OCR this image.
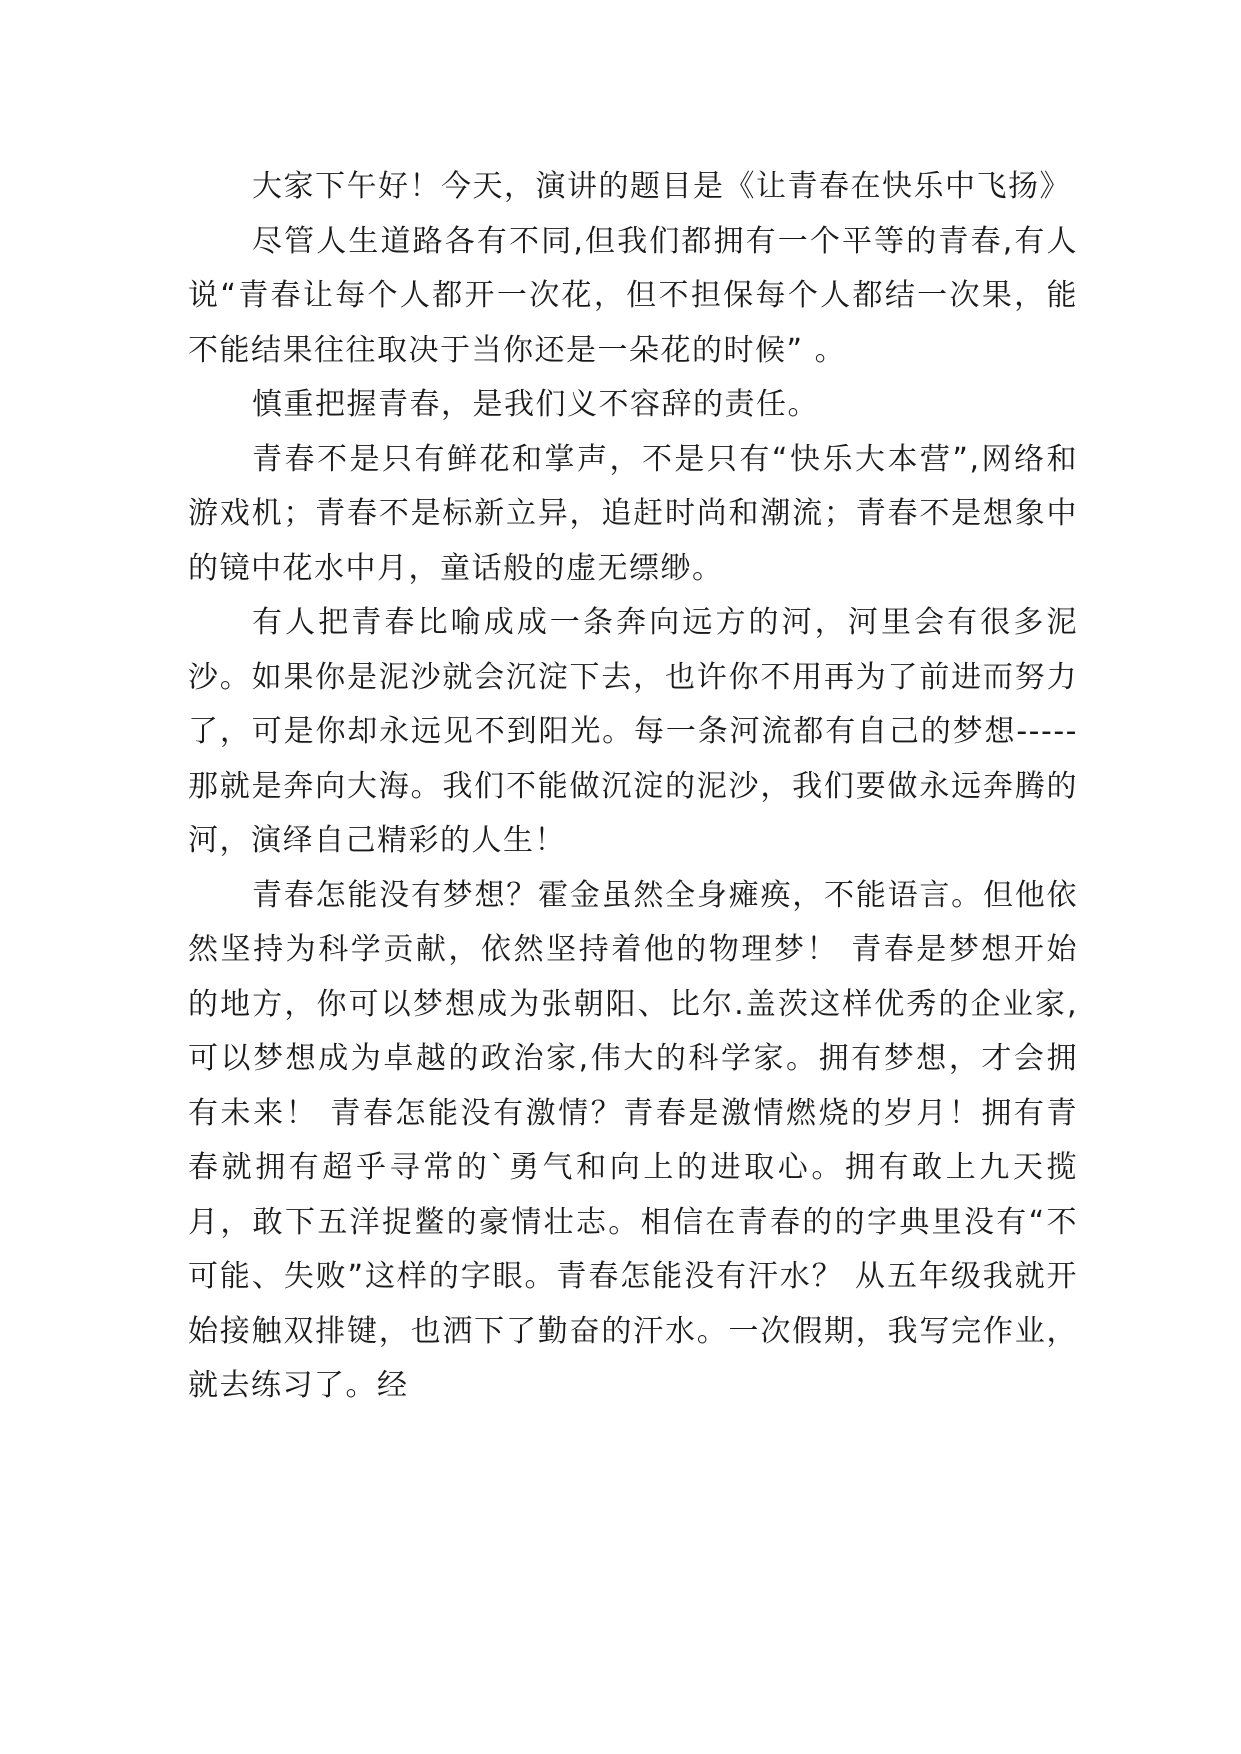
大家下午好！今天，演讲的题目是《让青春在快乐中飞扬》

尽管人生道路各有不同,但我们都拥有一个平等的青春,有人说“青春让每个人都开一次花，但不担保每个人都结一次果，能不能结果往往取决于当你还是一朵花的时候” 。

慎重把握青春，是我们义不容辞的责任。

青春不是只有鲜花和掌声，不是只有“快乐大本营”,网络和游戏机；青春不是标新立异，追赶时尚和潮流；青春不是想象中的镜中花水中月，童话般的虚无缥缈。

有人把青春比喻成成一条奔向远方的河，河里会有很多泥沙。如果你是泥沙就会沉淀下去，也许你不用再为了前进而努力了，可是你却永远见不到阳光。每一条河流都有自己的梦想-----那就是奔向大海。我们不能做沉淀的泥沙，我们要做永远奔腾的河，演绎自己精彩的人生！

青春怎能没有梦想？霍金虽然全身瘫痪，不能语言。但他依然坚持为科学贡献，依然坚持着他的物理梦！ 青春是梦想开始的地方，你可以梦想成为张朝阳、比尔.盖茨这样优秀的企业家,可以梦想成为卓越的政治家,伟大的科学家。拥有梦想，才会拥有未来！ 青春怎能没有激情？青春是激情燃烧的岁月！拥有青春就拥有超乎寻常的`勇气和向上的进取心。拥有敢上九天揽月，敢下五洋捉鳖的豪情壮志。相信在青春的的字典里没有“不可能、失败”这样的字眼。青春怎能没有汗水？ 从五年级我就开始接触双排键，也洒下了勤奋的汗水。一次假期，我写完作业，就去练习了。经
